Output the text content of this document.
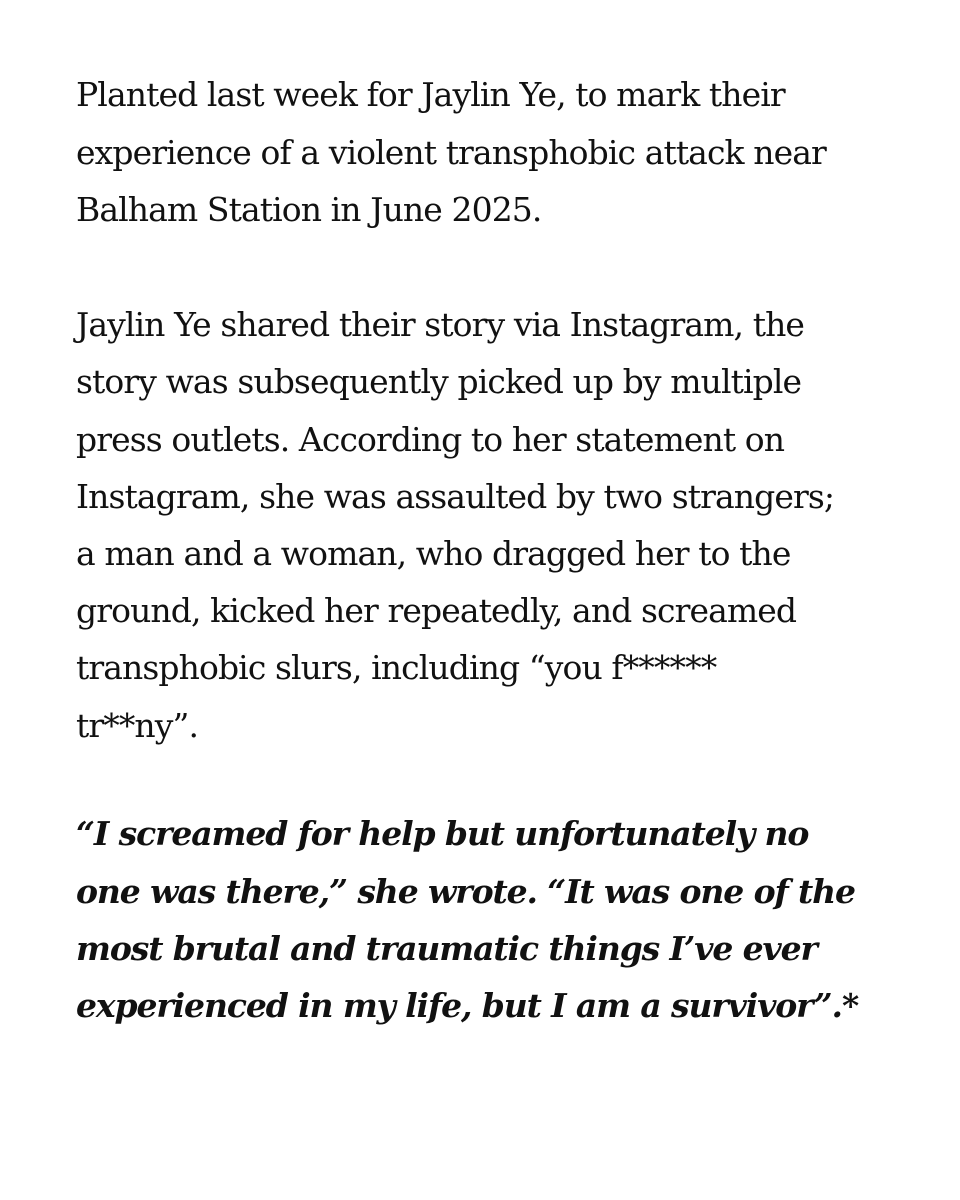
Planted last week for Jaylin Ye, to mark their
experience of a violent transphobic attack near
Balham Station in June 2025.
Jaylin Ye shared their story via Instagram, the
story was subsequently picked up by multiple
press outlets. According to her statement on
Instagram, she was assaulted by two strangers;
a man and a woman, who dragged her to the
ground, kicked her repeatedly, and screamed
transphobic slurs, including “you f******
tr**ny”.
“I screamed for help but unfortunately no
one was there,” she wrote. “It was one of the
most brutal and traumatic things I’ve ever
experienced in my life, but I am a survivor”.*
